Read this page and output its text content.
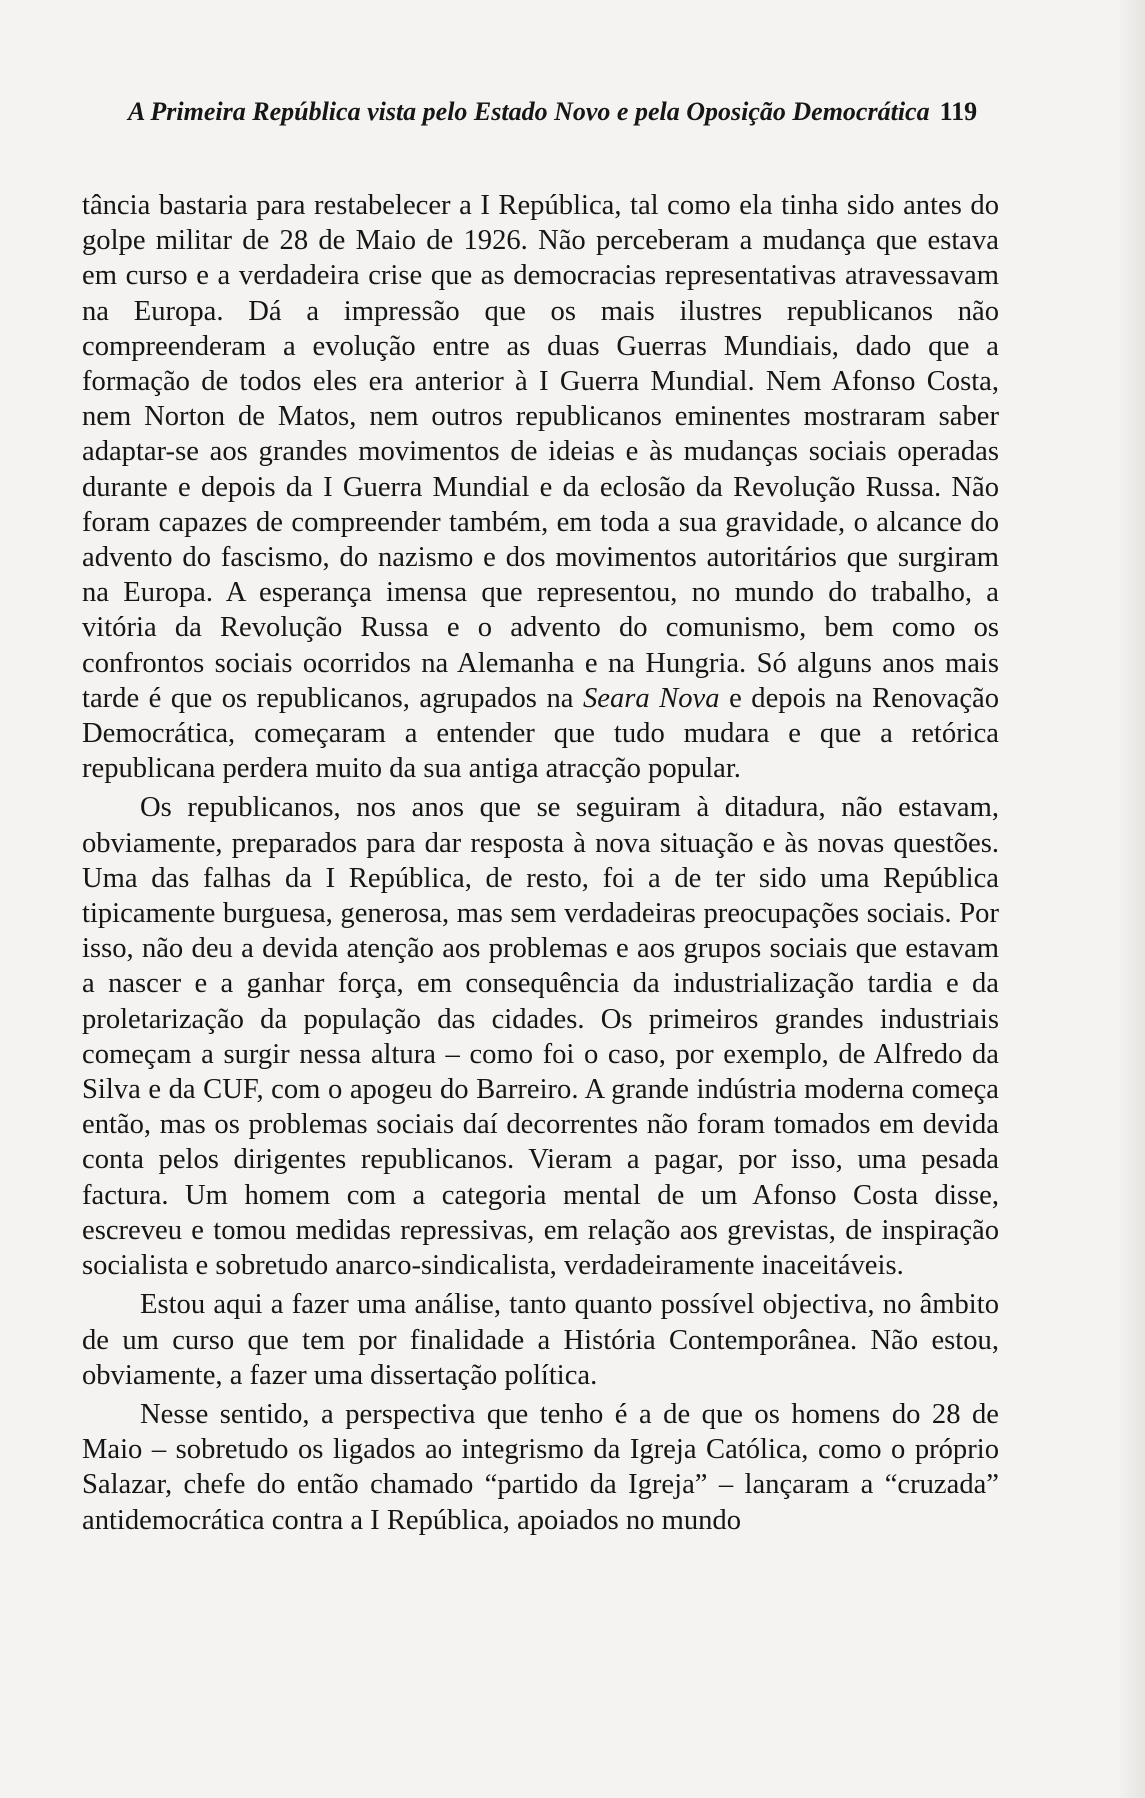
A Primeira República vista pelo Estado Novo e pela Oposição Democrática 119

tância bastaria para restabelecer a I República, tal como ela tinha sido antes do golpe militar de 28 de Maio de 1926. Não perceberam a mudança que estava em curso e a verdadeira crise que as democracias representativas atravessavam na Europa. Dá a impressão que os mais ilustres republicanos não compreenderam a evolução entre as duas Guerras Mundiais, dado que a formação de todos eles era anterior à I Guerra Mundial. Nem Afonso Costa, nem Norton de Matos, nem outros republicanos eminentes mostraram saber adaptar-se aos grandes movimentos de ideias e às mudanças sociais operadas durante e depois da I Guerra Mundial e da eclosão da Revolução Russa. Não foram capazes de compreender também, em toda a sua gravidade, o alcance do advento do fascismo, do nazismo e dos movimentos autoritários que surgiram na Europa. A esperança imensa que representou, no mundo do trabalho, a vitória da Revolução Russa e o advento do comunismo, bem como os confrontos sociais ocorridos na Alemanha e na Hungria. Só alguns anos mais tarde é que os republicanos, agrupados na Seara Nova e depois na Renovação Democrática, começaram a entender que tudo mudara e que a retórica republicana perdera muito da sua antiga atracção popular.

Os republicanos, nos anos que se seguiram à ditadura, não estavam, obviamente, preparados para dar resposta à nova situação e às novas questões. Uma das falhas da I República, de resto, foi a de ter sido uma República tipicamente burguesa, generosa, mas sem verdadeiras preocupações sociais. Por isso, não deu a devida atenção aos problemas e aos grupos sociais que estavam a nascer e a ganhar força, em consequência da industrialização tardia e da proletarização da população das cidades. Os primeiros grandes industriais começam a surgir nessa altura – como foi o caso, por exemplo, de Alfredo da Silva e da CUF, com o apogeu do Barreiro. A grande indústria moderna começa então, mas os problemas sociais daí decorrentes não foram tomados em devida conta pelos dirigentes republicanos. Vieram a pagar, por isso, uma pesada factura. Um homem com a categoria mental de um Afonso Costa disse, escreveu e tomou medidas repressivas, em relação aos grevistas, de inspiração socialista e sobretudo anarco-sindicalista, verdadeiramente inaceitáveis.

Estou aqui a fazer uma análise, tanto quanto possível objectiva, no âmbito de um curso que tem por finalidade a História Contemporânea. Não estou, obviamente, a fazer uma dissertação política.

Nesse sentido, a perspectiva que tenho é a de que os homens do 28 de Maio – sobretudo os ligados ao integrismo da Igreja Católica, como o próprio Salazar, chefe do então chamado “partido da Igreja” – lançaram a “cruzada” antidemocrática contra a I República, apoiados no mundo
